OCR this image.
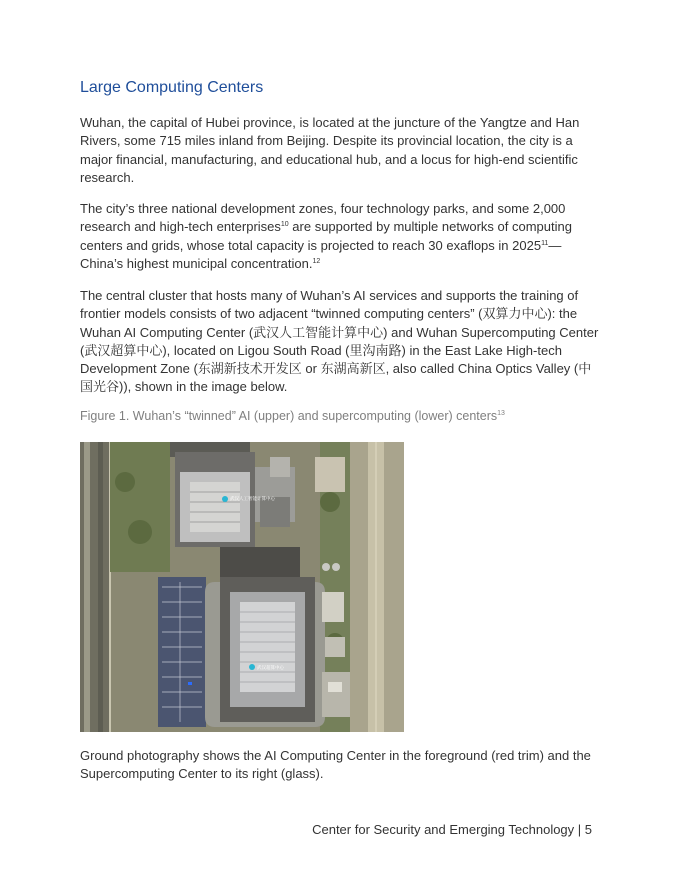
Large Computing Centers

Wuhan, the capital of Hubei province, is located at the juncture of the Yangtze and Han Rivers, some 715 miles inland from Beijing. Despite its provincial location, the city is a major financial, manufacturing, and educational hub, and a locus for high-end scientific research.

The city’s three national development zones, four technology parks, and some 2,000 research and high-tech enterprises$^{10}$ are supported by multiple networks of computing centers and grids, whose total capacity is projected to reach 30 exaflops in 2025$^{11}$—China’s highest municipal concentration.$^{12}$

The central cluster that hosts many of Wuhan’s AI services and supports the training of frontier models consists of two adjacent “twinned computing centers” (双算力中心): the Wuhan AI Computing Center (武汉人工智能计算中心) and Wuhan Supercomputing Center (武汉超算中心), located on Ligou South Road (里沟南路) in the East Lake High-tech Development Zone (东湖新技术开发区 or 东湖高新区, also called China Optics Valley (中国光谷)), shown in the image below.

Figure 1. Wuhan’s “twinned” AI (upper) and supercomputing (lower) centers$^{13}$
武汉人工智能计算中心
武汉超算中心

Ground photography shows the AI Computing Center in the foreground (red trim) and the Supercomputing Center to its right (glass).

Center for Security and Emerging Technology | 5
